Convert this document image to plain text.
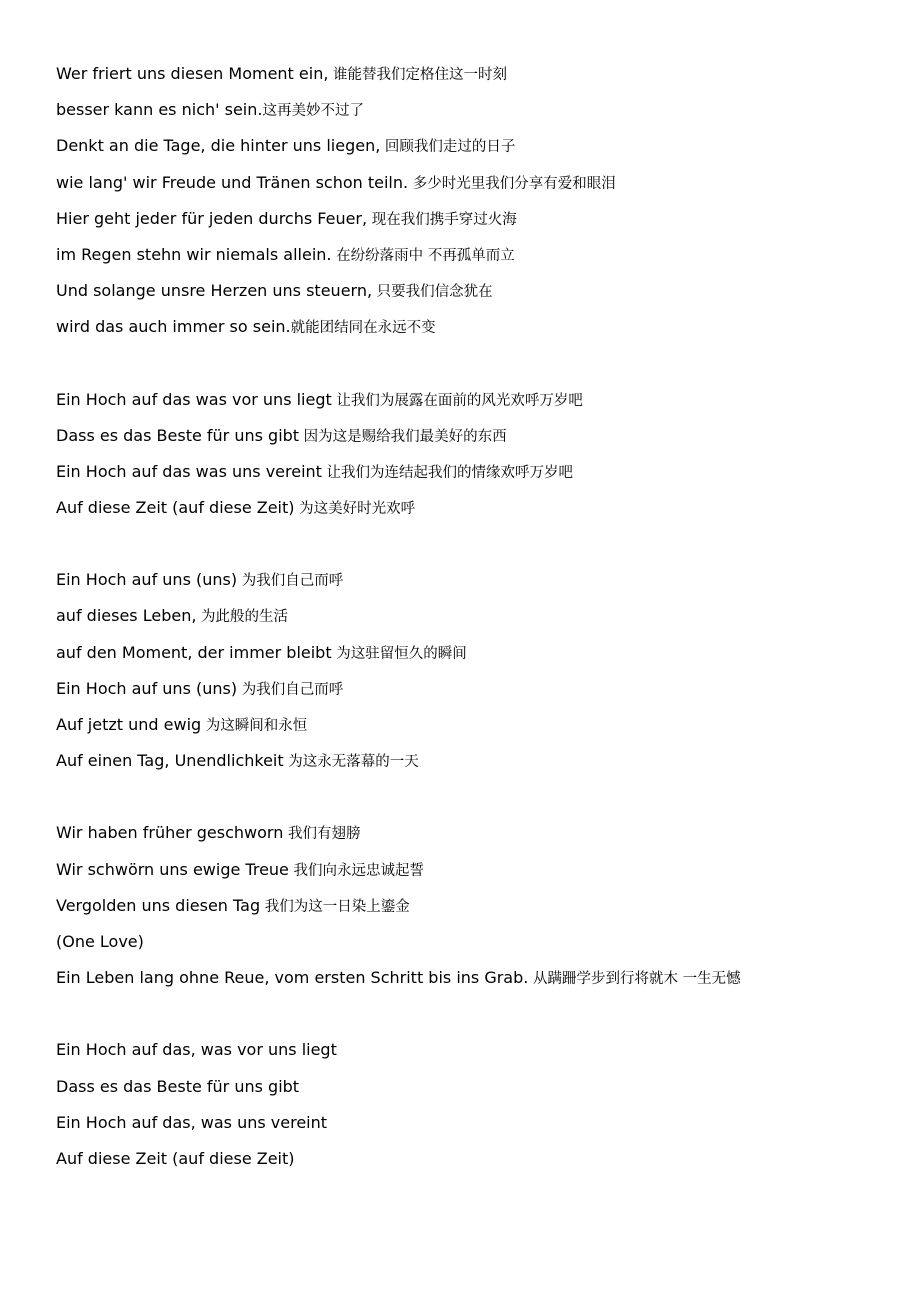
Wer friert uns diesen Moment ein, 谁能替我们定格住这一时刻
besser kann es nich' sein.这再美妙不过了
Denkt an die Tage, die hinter uns liegen, 回顾我们走过的日子
wie lang' wir Freude und Tränen schon teiln. 多少时光里我们分享有爱和眼泪
Hier geht jeder für jeden durchs Feuer, 现在我们携手穿过火海
im Regen stehn wir niemals allein. 在纷纷落雨中 不再孤单而立
Und solange unsre Herzen uns steuern, 只要我们信念犹在
wird das auch immer so sein.就能团结同在永远不变
Ein Hoch auf das was vor uns liegt 让我们为展露在面前的风光欢呼万岁吧
Dass es das Beste für uns gibt 因为这是赐给我们最美好的东西
Ein Hoch auf das was uns vereint 让我们为连结起我们的情缘欢呼万岁吧
Auf diese Zeit (auf diese Zeit) 为这美好时光欢呼
Ein Hoch auf uns (uns) 为我们自己而呼
auf dieses Leben, 为此般的生活
auf den Moment, der immer bleibt 为这驻留恒久的瞬间
Ein Hoch auf uns (uns) 为我们自己而呼
Auf jetzt und ewig 为这瞬间和永恒
Auf einen Tag, Unendlichkeit 为这永无落幕的一天
Wir haben früher geschworn 我们有翅膀
Wir schwörn uns ewige Treue 我们向永远忠诚起誓
Vergolden uns diesen Tag 我们为这一日染上鎏金
(One Love)
Ein Leben lang ohne Reue, vom ersten Schritt bis ins Grab. 从蹒跚学步到行将就木 一生无憾
Ein Hoch auf das, was vor uns liegt
Dass es das Beste für uns gibt
Ein Hoch auf das, was uns vereint
Auf diese Zeit (auf diese Zeit)
